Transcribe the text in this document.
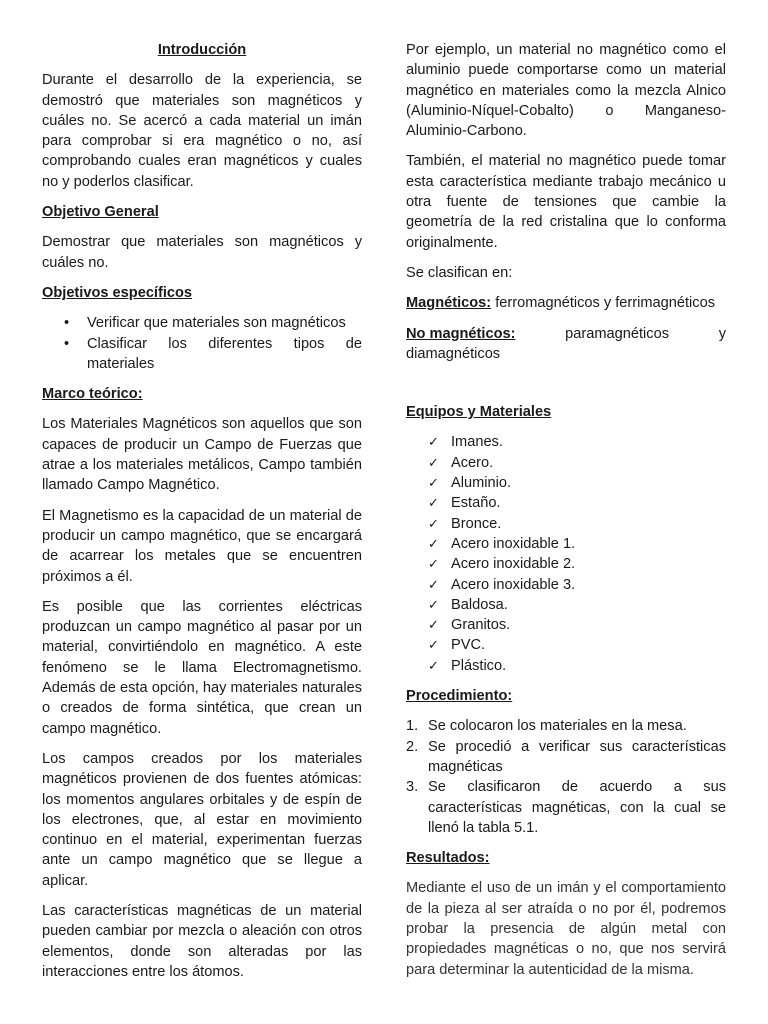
Introducción

Durante el desarrollo de la experiencia, se demostró que materiales son magnéticos y cuáles no. Se acercó a cada material un imán para comprobar si era magnético o no, así comprobando cuales eran magnéticos y cuales no y poderlos clasificar.

Objetivo General

Demostrar que materiales son magnéticos y cuáles no.

Objetivos específicos
• Verificar que materiales son magnéticos
• Clasificar los diferentes tipos de materiales
Marco teórico:

Los Materiales Magnéticos son aquellos que son capaces de producir un Campo de Fuerzas que atrae a los materiales metálicos, Campo también llamado Campo Magnético.

El Magnetismo es la capacidad de un material de producir un campo magnético, que se encargará de acarrear los metales que se encuentren próximos a él.

Es posible que las corrientes eléctricas produzcan un campo magnético al pasar por un material, convirtiéndolo en magnético. A este fenómeno se le llama Electromagnetismo. Además de esta opción, hay materiales naturales o creados de forma sintética, que crean un campo magnético.

Los campos creados por los materiales magnéticos provienen de dos fuentes atómicas: los momentos angulares orbitales y de espín de los electrones, que, al estar en movimiento continuo en el material, experimentan fuerzas ante un campo magnético que se llegue a aplicar.

Las características magnéticas de un material pueden cambiar por mezcla o aleación con otros elementos, donde son alteradas por las interacciones entre los átomos.

Por ejemplo, un material no magnético como el aluminio puede comportarse como un material magnético en materiales como la mezcla Alnico (Aluminio-Níquel-Cobalto) o Manganeso-Aluminio-Carbono.

También, el material no magnético puede tomar esta característica mediante trabajo mecánico u otra fuente de tensiones que cambie la geometría de la red cristalina que lo conforma originalmente.

Se clasifican en:

Magnéticos: ferromagnéticos y ferrimagnéticos
No magnéticos:	paramagnéticos	y
diamagnéticos
Equipos y Materiales
✓ Imanes.
✓ Acero.
✓ Aluminio.
✓ Estaño.
✓ Bronce.
✓ Acero inoxidable 1.
✓ Acero inoxidable 2.
✓ Acero inoxidable 3.
✓ Baldosa.
✓ Granitos.
✓ PVC.
✓ Plástico.
Procedimiento:
1. Se colocaron los materiales en la mesa.
2. Se procedió a verificar sus características magnéticas
3. Se clasificaron de acuerdo a sus características magnéticas, con la cual se llenó la tabla 5.1.
Resultados:

Mediante el uso de un imán y el comportamiento de la pieza al ser atraída o no por él, podremos probar la presencia de algún metal con propiedades magnéticas o no, que nos servirá para determinar la autenticidad de la misma.
